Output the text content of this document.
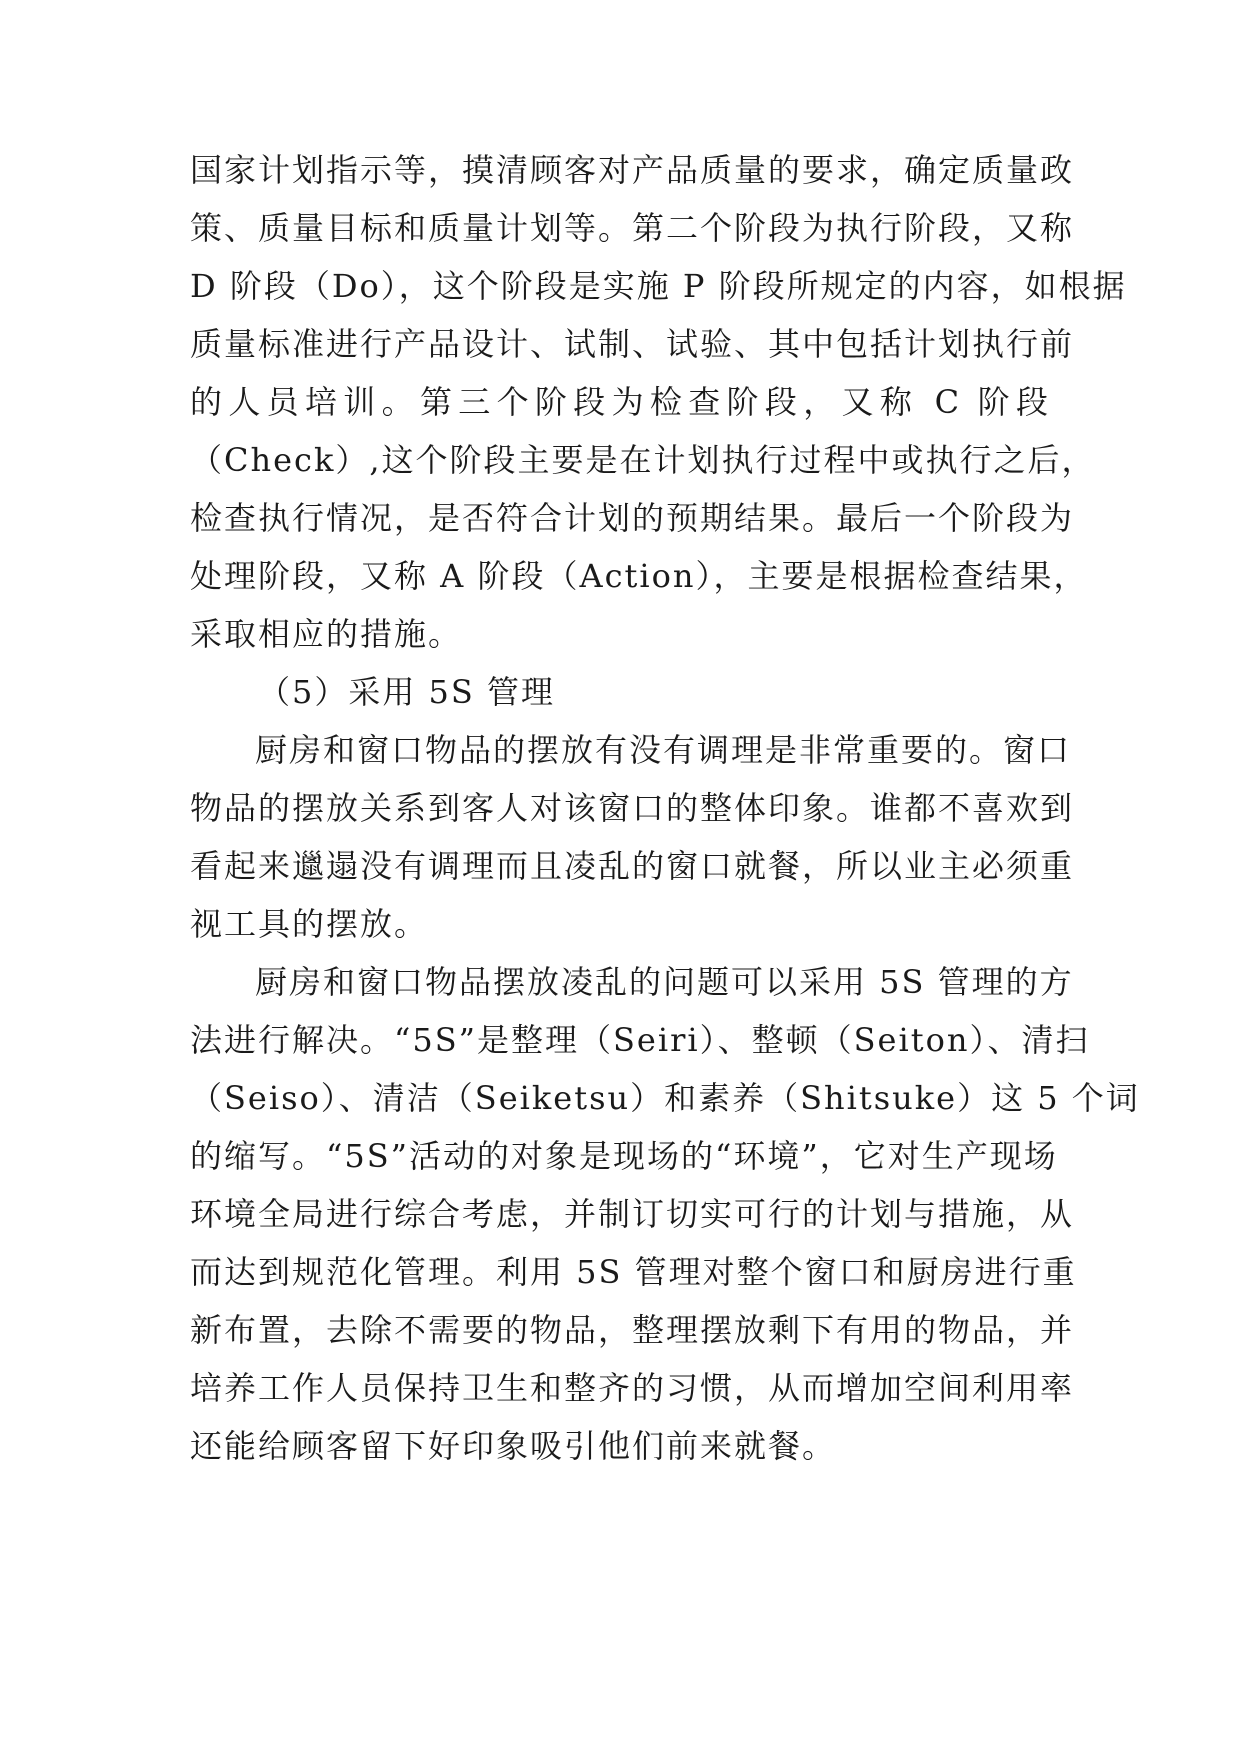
国家计划指示等，摸清顾客对产品质量的要求，确定质量政
策、质量目标和质量计划等。第二个阶段为执行阶段，又称
D 阶段（Do），这个阶段是实施 P 阶段所规定的内容，如根据
质量标准进行产品设计、试制、试验、其中包括计划执行前
的人员培训。第三个阶段为检查阶段，又称 C 阶段
（Check）,这个阶段主要是在计划执行过程中或执行之后，
检查执行情况，是否符合计划的预期结果。最后一个阶段为
处理阶段，又称 A 阶段（Action），主要是根据检查结果，
采取相应的措施。
（5）采用 5S 管理
厨房和窗口物品的摆放有没有调理是非常重要的。窗口
物品的摆放关系到客人对该窗口的整体印象。谁都不喜欢到
看起来邋遢没有调理而且凌乱的窗口就餐，所以业主必须重
视工具的摆放。
厨房和窗口物品摆放凌乱的问题可以采用 5S 管理的方
法进行解决。“5S”是整理（Seiri）、整顿（Seiton）、清扫
（Seiso）、清洁（Seiketsu）和素养（Shitsuke）这 5 个词
的缩写。“5S”活动的对象是现场的“环境”，它对生产现场
环境全局进行综合考虑，并制订切实可行的计划与措施，从
而达到规范化管理。利用 5S 管理对整个窗口和厨房进行重
新布置，去除不需要的物品，整理摆放剩下有用的物品，并
培养工作人员保持卫生和整齐的习惯，从而增加空间利用率
还能给顾客留下好印象吸引他们前来就餐。
